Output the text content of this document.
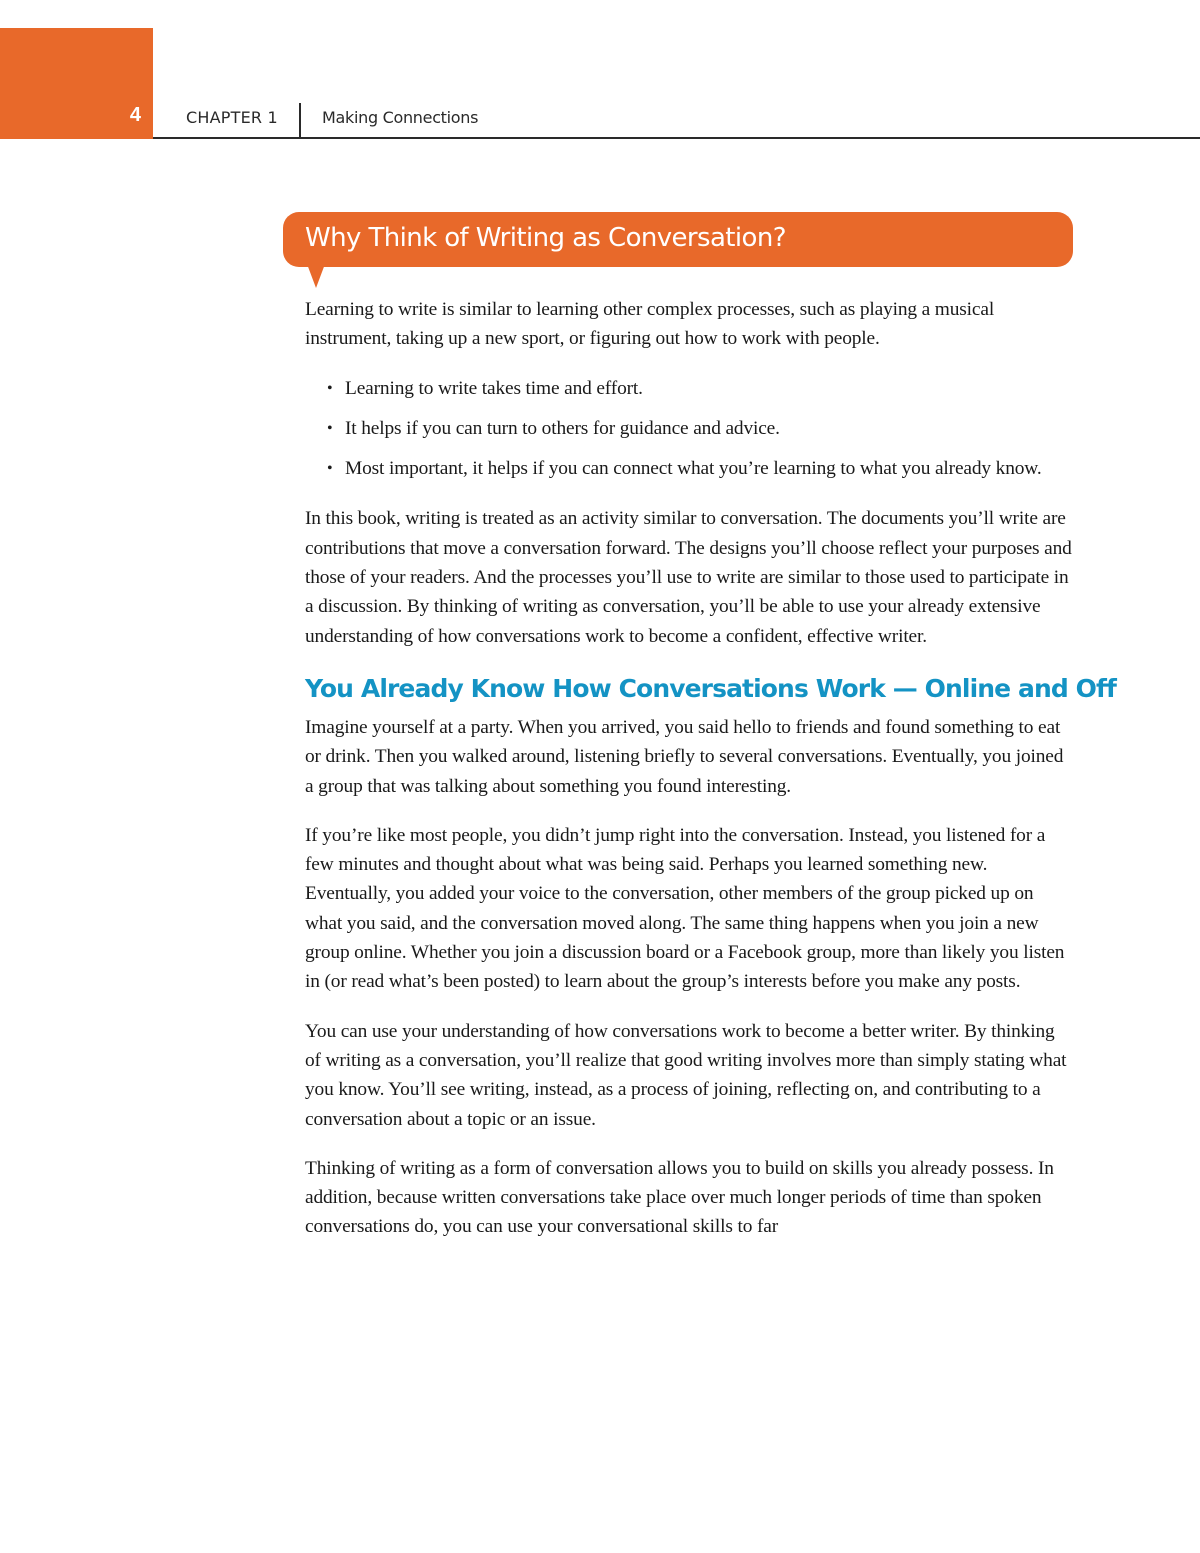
4	CHAPTER 1	Making Connections
Why Think of Writing as Conversation?

Learning to write is similar to learning other complex processes, such as playing a musical instrument, taking up a new sport, or figuring out how to work with people.

• Learning to write takes time and effort.
• It helps if you can turn to others for guidance and advice.
• Most important, it helps if you can connect what you’re learning to what you already know.

In this book, writing is treated as an activity similar to conversation. The documents you’ll write are contributions that move a conversation forward. The designs you’ll choose reflect your purposes and those of your readers. And the processes you’ll use to write are similar to those used to participate in a discussion. By thinking of writing as conversation, you’ll be able to use your already extensive understanding of how conversations work to become a confident, effective writer.

You Already Know How Conversations Work — Online and Off

Imagine yourself at a party. When you arrived, you said hello to friends and found something to eat or drink. Then you walked around, listening briefly to several conversations. Eventually, you joined a group that was talking about something you found interesting.

If you’re like most people, you didn’t jump right into the conversation. Instead, you listened for a few minutes and thought about what was being said. Perhaps you learned something new. Eventually, you added your voice to the conversation, other members of the group picked up on what you said, and the conversation moved along. The same thing happens when you join a new group online. Whether you join a discussion board or a Facebook group, more than likely you listen in (or read what’s been posted) to learn about the group’s interests before you make any posts.

You can use your understanding of how conversations work to become a better writer. By thinking of writing as a conversation, you’ll realize that good writing involves more than simply stating what you know. You’ll see writing, instead, as a process of joining, reflecting on, and contributing to a conversation about a topic or an issue.

Thinking of writing as a form of conversation allows you to build on skills you already possess. In addition, because written conversations take place over much longer periods of time than spoken conversations do, you can use your conversational skills to far
